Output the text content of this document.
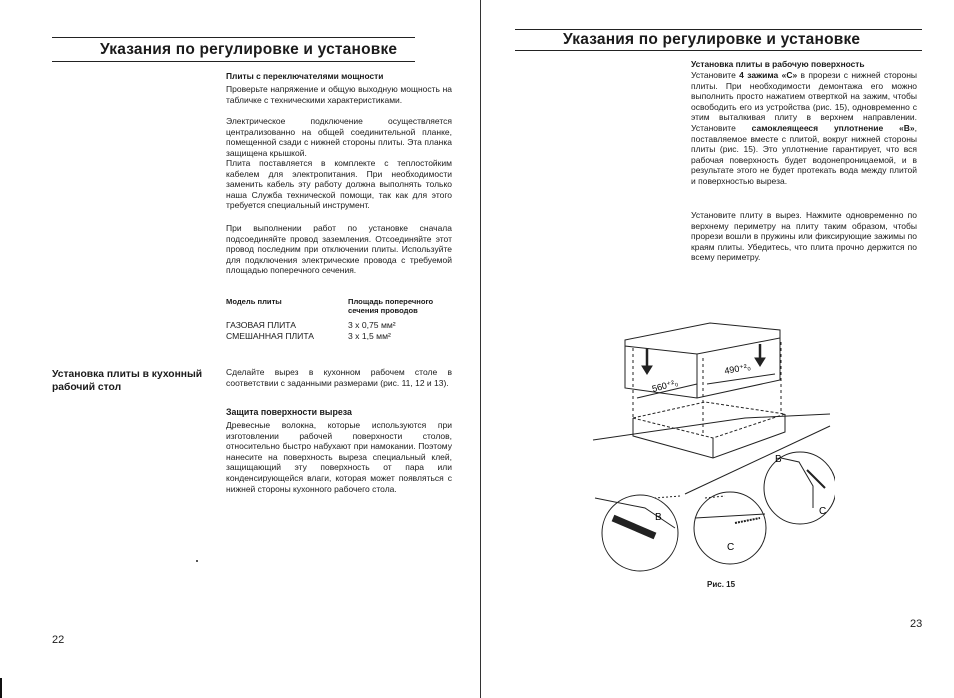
Указания по регулировке и установке
Плиты с переключателями мощности

Проверьте напряжение и общую выходную мощность на табличке с техническими характеристиками.

Электрическое подключение осуществляется централизованно на общей соединительной планке, помещенной сзади с нижней стороны плиты. Эта планка защищена крышкой.

Плита поставляется в комплекте с теплостойким кабелем для электропитания. При необходимости заменить кабель эту работу должна выполнять только наша Служба технической помощи, так как для этого требуется специальный инструмент.

При выполнении работ по установке сначала подсоединяйте провод заземления. Отсоединяйте этот провод последним при отключении плиты. Используйте для подключения электрические провода с требуемой площадью поперечного сечения.

Модель плиты	Площадь поперечного сечения проводов
ГАЗОВАЯ ПЛИТА	3 x 0,75 мм²
СМЕШАННАЯ ПЛИТА	3 x 1,5 мм²
Установка плиты в кухонный рабочий стол

Сделайте вырез в кухонном рабочем столе в соответствии с заданными размерами (рис. 11, 12 и 13).

Защита поверхности выреза

Древесные волокна, которые используются при изготовлении рабочей поверхности столов, относительно быстро набухают при намокании. Поэтому нанесите на поверхность выреза специальный клей, защищающий эту поверхность от пара или конденсирующейся влаги, которая может появляться с нижней стороны кухонного рабочего стола.

22
Указания по регулировке и установке
Установка плиты в рабочую поверхность

Установите 4 зажима «С» в прорези с нижней стороны плиты. При необходимости демонтажа его можно выполнить просто нажатием отверткой на зажим, чтобы освободить его из устройства (рис. 15), одновременно с этим выталкивая плиту в верхнем направлении. Установите самоклеящееся уплотнение «В», поставляемое вместе с плитой, вокруг нижней стороны плиты (рис. 15). Это уплотнение гарантирует, что вся рабочая поверхность будет водонепроницаемой, и в результате этого не будет протекать вода между плитой и поверхностью выреза.

Установите плиту в вырез. Нажмите одновременно по верхнему периметру на плиту таким образом, чтобы прорези вошли в пружины или фиксирующие зажимы по краям плиты. Убедитесь, что плита прочно держится по всему периметру.

560⁺²₀
490⁺²₀
B
C
B
C
Рис. 15
23
